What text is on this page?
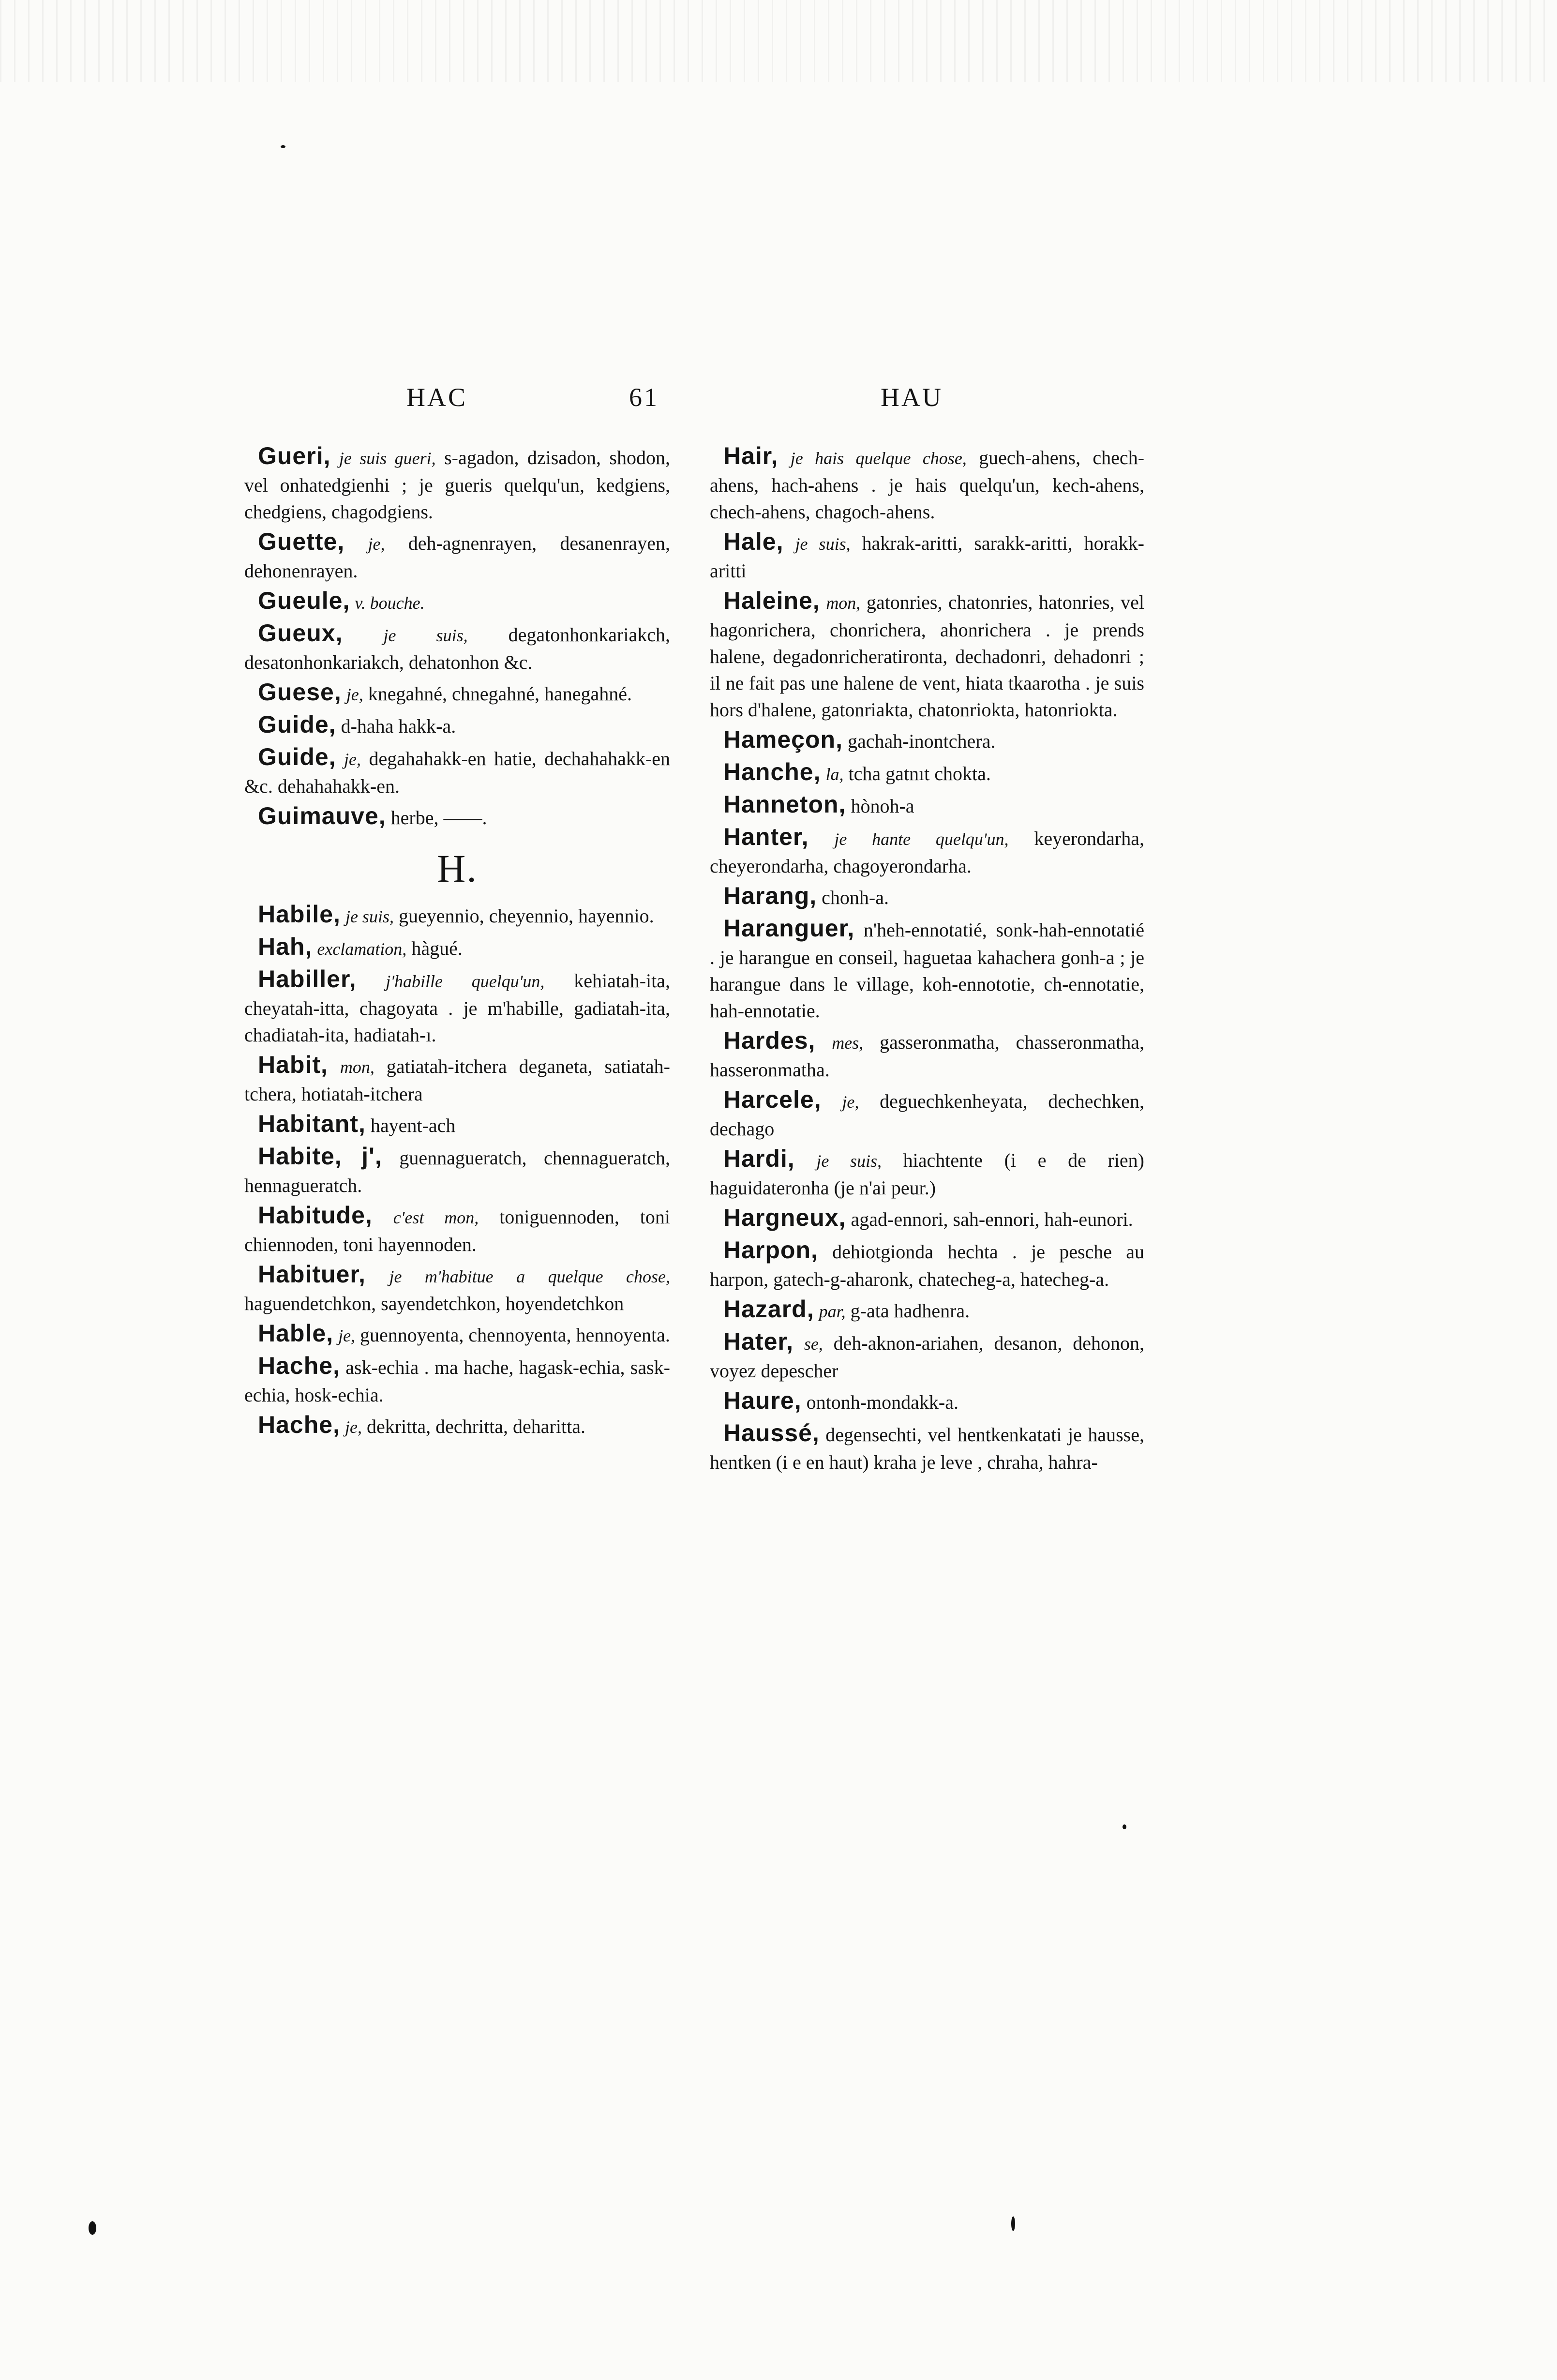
HAC	61	HAU

Gueri, je suis gueri, s-agadon, dzisadon, shodon, vel onhatedgienhi ; je gueris quelqu'un, kedgiens, chedgiens, chagodgiens.

Guette, je, deh-agnenrayen, desanenrayen, dehonenrayen.

Gueule, v. bouche.

Gueux, je suis, degatonhonkariakch, desatonhonkariakch, dehatonhon &c.

Guese, je, knegahné, chnegahné, hanegahné.

Guide, d-haha hakk-a.

Guide, je, degahahakk-en hatie, dechahahakk-en &c. dehahahakk-en.

Guimauve, herbe, ——.

H.

Habile, je suis, gueyennio, cheyennio, hayennio.

Hah, exclamation, hàgué.

Habiller, j'habille quelqu'un, kehiatah-ita, cheyatah-itta, chagoyata . je m'habille, gadiatah-ita, chadiatah-ita, hadiatah-ı.

Habit, mon, gatiatah-itchera deganeta, satiatah-tchera, hotiatah-itchera

Habitant, hayent-ach

Habite, j', guennagueratch, chennagueratch, hennagueratch.

Habitude, c'est mon, toniguennoden, toni chiennoden, toni hayennoden.

Habituer, je m'habitue a quelque chose, haguendetchkon, sayendetchkon, hoyendetchkon

Hable, je, guennoyenta, chennoyenta, hennoyenta.

Hache, ask-echia . ma hache, hagask-echia, sask-echia, hosk-echia.

Hache, je, dekritta, dechritta, deharitta.

Hair, je hais quelque chose, guech-ahens, chech-ahens, hach-ahens . je hais quelqu'un, kech-ahens, chech-ahens, chagoch-ahens.

Hale, je suis, hakrak-aritti, sarakk-aritti, horakk-aritti

Haleine, mon, gatonries, chatonries, hatonries, vel hagonrichera, chonrichera, ahonrichera . je prends halene, degadonricheratironta, dechadonri, dehadonri ; il ne fait pas une halene de vent, hiata tkaarotha . je suis hors d'halene, gatonriakta, chatonriokta, hatonriokta.

Hameçon, gachah-inontchera.

Hanche, la, tcha gatnıt chokta.

Hanneton, hònoh-a

Hanter, je hante quelqu'un, keyerondarha, cheyerondarha, chagoyerondarha.

Harang, chonh-a.

Haranguer, n'heh-ennotatié, sonk-hah-ennotatié . je harangue en conseil, haguetaa kahachera gonh-a ; je harangue dans le village, koh-ennototie, ch-ennotatie, hah-ennotatie.

Hardes, mes, gasseronmatha, chasseronmatha, hasseronmatha.

Harcele, je, deguechkenheyata, dechechken, dechago

Hardi, je suis, hiachtente (i e de rien) haguidateronha (je n'ai peur.)

Hargneux, agad-ennori, sah-ennori, hah-eunori.

Harpon, dehiotgionda hechta . je pesche au harpon, gatech-g-aharonk, chatecheg-a, hatecheg-a.

Hazard, par, g-ata hadhenra.

Hater, se, deh-aknon-ariahen, desanon, dehonon, voyez depescher

Haure, ontonh-mondakk-a.

Haussé, degensechti, vel hentkenkatati je hausse, hentken (i e en haut) kraha je leve , chraha, hahra-
